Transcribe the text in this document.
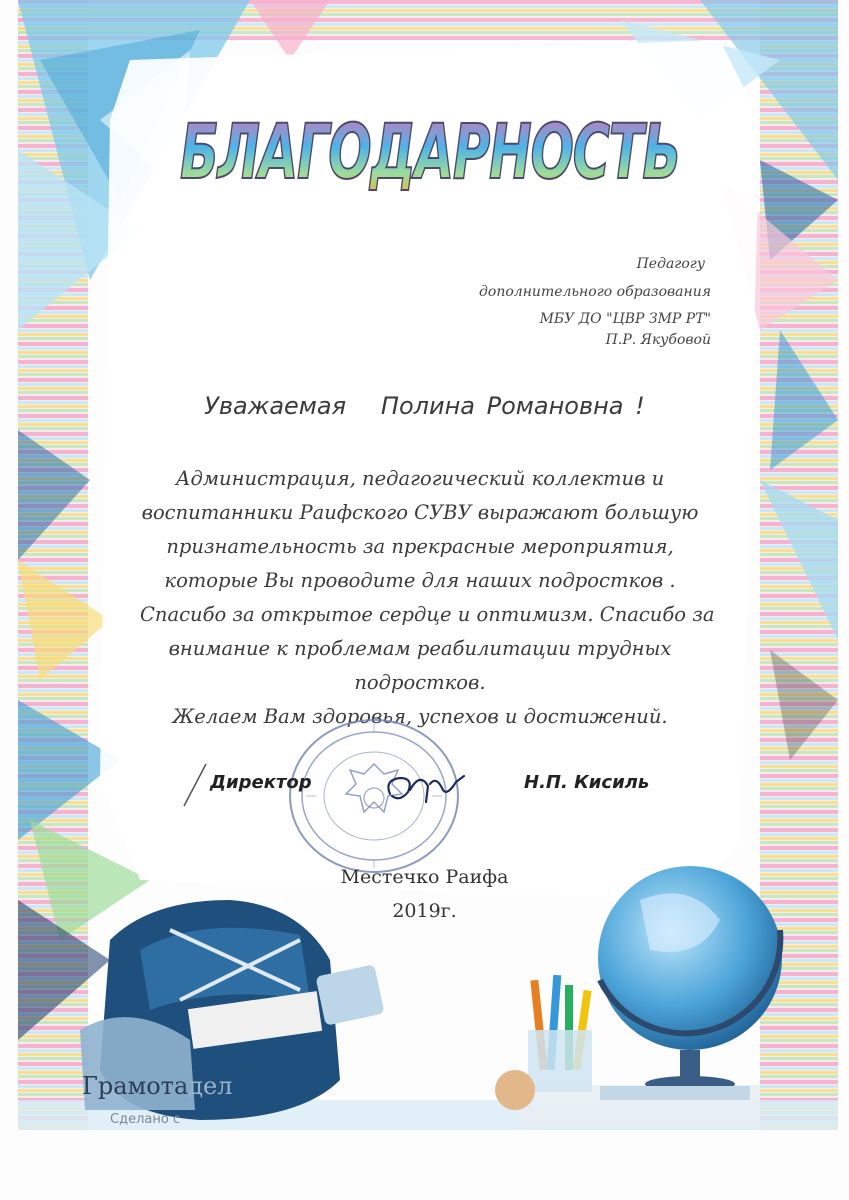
БЛАГОДАРНОСТЬ
Педагогу
дополнительного образования
МБУ ДО "ЦВР ЗМР РТ"
П.Р. Якубовой
Уважаемая   Полина Романовна !
Администрация, педагогический коллектив и
воспитанники Раифского СУВУ выражают большую
признательность за прекрасные мероприятия,
которые Вы проводите для наших подростков .
Спасибо за открытое сердце и оптимизм. Спасибо за
внимание к проблемам реабилитации трудных
подростков.
Желаем Вам здоровья, успехов и достижений.
Директор	Н.П. Кисиль
Местечко Раифа
2019г.
Грамотадел
Сделано с
